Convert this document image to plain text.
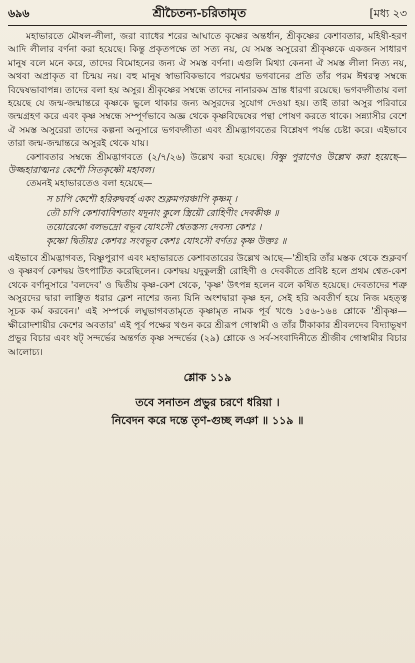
৬৯৬	শ্রীচৈতন্য-চরিতামৃত	[মধ্য ২৩

মহাভারতে মৌষল-লীলা, জরা ব্যাধের শরের আঘাতে কৃষ্ণের অন্তর্ধান, শ্রীকৃষ্ণের কেশাবতার, মহিষী-হরণ আদি লীলার বর্ণনা করা হয়েছে। কিন্তু প্রকৃতপক্ষে তা সত্য নয়, যে সমস্ত অসুরেরা শ্রীকৃষ্ণকে একজন সাধারণ মানুষ বলে মনে করে, তাদের বিমোহনের জন্য ঐ সমস্ত বর্ণনা। এগুলি মিথ্যা কেননা ঐ সমস্ত লীলা নিত্য নয়, অথবা অপ্রাকৃত বা চিন্ময় নয়। বহু মানুষ স্বাভাবিকভাবে পরমেশ্বর ভগবানের প্রতি তাঁর পরম ঈশ্বরত্ব সম্বন্ধে বিদ্বেষভাবাপন্ন। তাদের বলা হয় অসুর। শ্রীকৃষ্ণের সম্বন্ধে তাদের নানারকম ভ্রান্ত ধারণা রয়েছে। ভগবদ্গীতায় বলা হয়েছে যে জন্ম-জন্মান্তরে কৃষ্ণকে ভুলে থাকার জন্য অসুরদের সুযোগ দেওয়া হয়। তাই তারা অসুর পরিবারে জন্মগ্রহণ করে এবং কৃষ্ণ সম্বন্ধে সম্পূর্ণভাবে অজ্ঞ থেকে কৃষ্ণবিদ্বেষের পন্থা পোষণ করতে থাকে। সন্ন্যাসীর বেশে ঐ সমস্ত অসুরেরা তাদের কল্পনা অনুসারে ভগবদ্গীতা এবং শ্রীমদ্ভাগবতের বিশ্লেষণ পর্যন্ত চেষ্টা করে। এইভাবে তারা জন্ম-জন্মান্তরে অসুরই থেকে যায়।

কেশাবতার সম্বন্ধে শ্রীমদ্ভাগবতে (২/৭/২৬) উল্লেখ করা হয়েছে। বিষ্ণু পুরাণেও উল্লেখ করা হয়েছে—উজ্জহারাত্মনঃ কেশৌ সিতকৃষ্ণৌ মহাবল।

তেমনই মহাভারতেও বলা হয়েছে—

স চাপি কেশৌ হরিরুদ্ববর্হ একং শুক্লমপরঞ্চাপি কৃষ্ণম্ ।
তৌ চাপি কেশাবাবিশতাং যদূনাং কুলে স্ত্রিয়ৌ রোহিণীং দেবকীঞ্চ ॥
তয়োরেকো বলভদ্রো বভূব যোঽসৌ শ্বেতস্তস্য দেবস্য কেশঃ ।
কৃষ্ণো দ্বিতীয়ঃ কেশবঃ সংবভূব কেশঃ যোঽসৌ বর্ণতঃ কৃষ্ণ উক্তঃ ॥

এইভাবে শ্রীমদ্ভাগবত, বিষ্ণুপুরাণ এবং মহাভারতে কেশাবতারের উল্লেখ আছে—'শ্রীহরি তাঁর মস্তক থেকে শুক্লবর্ণ ও কৃষ্ণবর্ণ কেশদ্বয় উৎপাটিত করেছিলেন। কেশদ্বয় যদুকুলস্ত্রী রোহিণী ও দেবকীতে প্রবিষ্ট হলে প্রথম শ্বেত-কেশ থেকে বর্ণানুসারে 'বলদেব' ও দ্বিতীয় কৃষ্ণ-কেশ থেকে, 'কৃষ্ণ' উৎপন্ন হলেন বলে কথিত হয়েছে। দেবতাদের শত্রু অসুরদের দ্বারা লাঞ্ছিত ধরার ক্লেশ নাশের জন্য যিনি অংশদ্বারা কৃষ্ণ হন, সেই হরি অবতীর্ণ হয়ে নিজ মহত্ত্ব সূচক কর্ম করবেন।' এই সম্পর্কে লঘুভাগবতামৃতে কৃষ্ণামৃত নামক পূর্ব খণ্ডে ১৫৬-১৬৪ শ্লোকে 'শ্রীকৃষ্ণ—ক্ষীরোদশায়ীর কেশের অবতার' এই পূর্ব পক্ষের খণ্ডন করে শ্রীরূপ গোস্বামী ও তাঁর টীকাকার শ্রীবলদেব বিদ্যাভূষণ প্রভুর বিচার এবং ষট্ সন্দর্ভের অন্তর্গত কৃষ্ণ সন্দর্ভের (২৯) শ্লোকে ও সর্ব-সংবাদিনীতে শ্রীজীব গোস্বামীর বিচার আলোচ্য।

শ্লোক ১১৯
তবে সনাতন প্রভুর চরণে ধরিয়া ।
নিবেদন করে দন্তে তৃণ-গুচ্ছ লঞা ॥ ১১৯ ॥
